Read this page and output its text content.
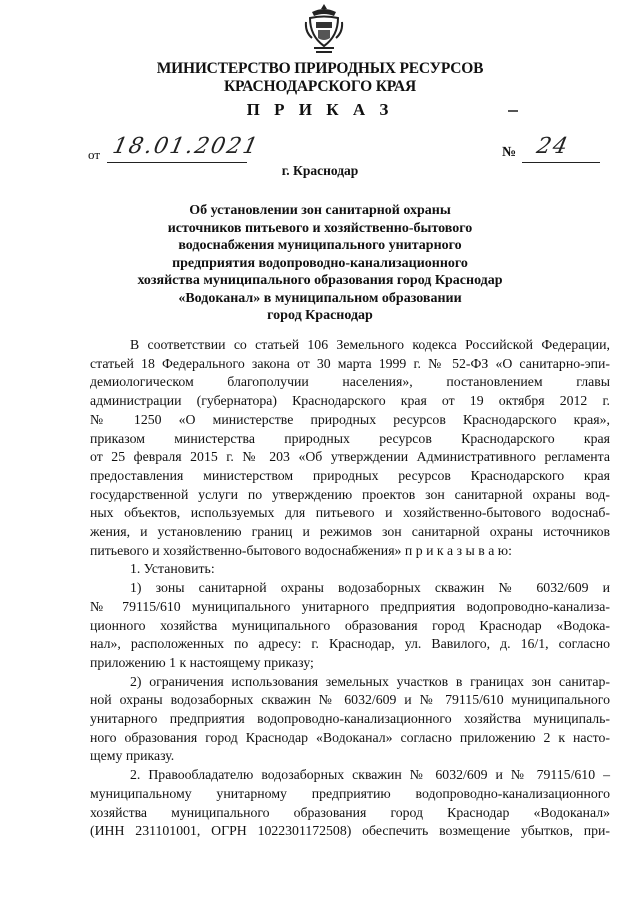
МИНИСТЕРСТВО ПРИРОДНЫХ РЕСУРСОВ
КРАСНОДАРСКОГО КРАЯ
П Р И К А З
от 18.01.2021	№ 24
г. Краснодар
Об установлении зон санитарной охраны
источников питьевого и хозяйственно-бытового
водоснабжения муниципального унитарного
предприятия водопроводно-канализационного
хозяйства муниципального образования город Краснодар
«Водоканал» в муниципальном образовании
город Краснодар
В соответствии со статьей 106 Земельного кодекса Российской Федерации,
статьей 18 Федерального закона от 30 марта 1999 г. № 52-ФЗ «О санитарно-эпи-
демиологическом благополучии населения», постановлением главы
администрации (губернатора) Краснодарского края от 19 октября 2012 г.
№ 1250 «О министерстве природных ресурсов Краснодарского края»,
приказом министерства природных ресурсов Краснодарского края
от 25 февраля 2015 г. № 203 «Об утверждении Административного регламента
предоставления министерством природных ресурсов Краснодарского края
государственной услуги по утверждению проектов зон санитарной охраны вод-
ных объектов, используемых для питьевого и хозяйственно-бытового водоснаб-
жения, и установлению границ и режимов зон санитарной охраны источников
питьевого и хозяйственно-бытового водоснабжения» п р и к а з ы в а ю:
1. Установить:
1) зоны санитарной охраны водозаборных скважин № 6032/609 и
№ 79115/610 муниципального унитарного предприятия водопроводно-канализа-
ционного хозяйства муниципального образования город Краснодар «Водока-
нал», расположенных по адресу: г. Краснодар, ул. Вавилого, д. 16/1, согласно
приложению 1 к настоящему приказу;
2) ограничения использования земельных участков в границах зон санитар-
ной охраны водозаборных скважин № 6032/609 и № 79115/610 муниципального
унитарного предприятия водопроводно-канализационного хозяйства муниципаль-
ного образования город Краснодар «Водоканал» согласно приложению 2 к насто-
щему приказу.
2. Правообладателю водозаборных скважин № 6032/609 и № 79115/610 –
муниципальному унитарному предприятию водопроводно-канализационного
хозяйства муниципального образования город Краснодар «Водоканал»
(ИНН 231101001, ОГРН 1022301172508) обеспечить возмещение убытков, при-
